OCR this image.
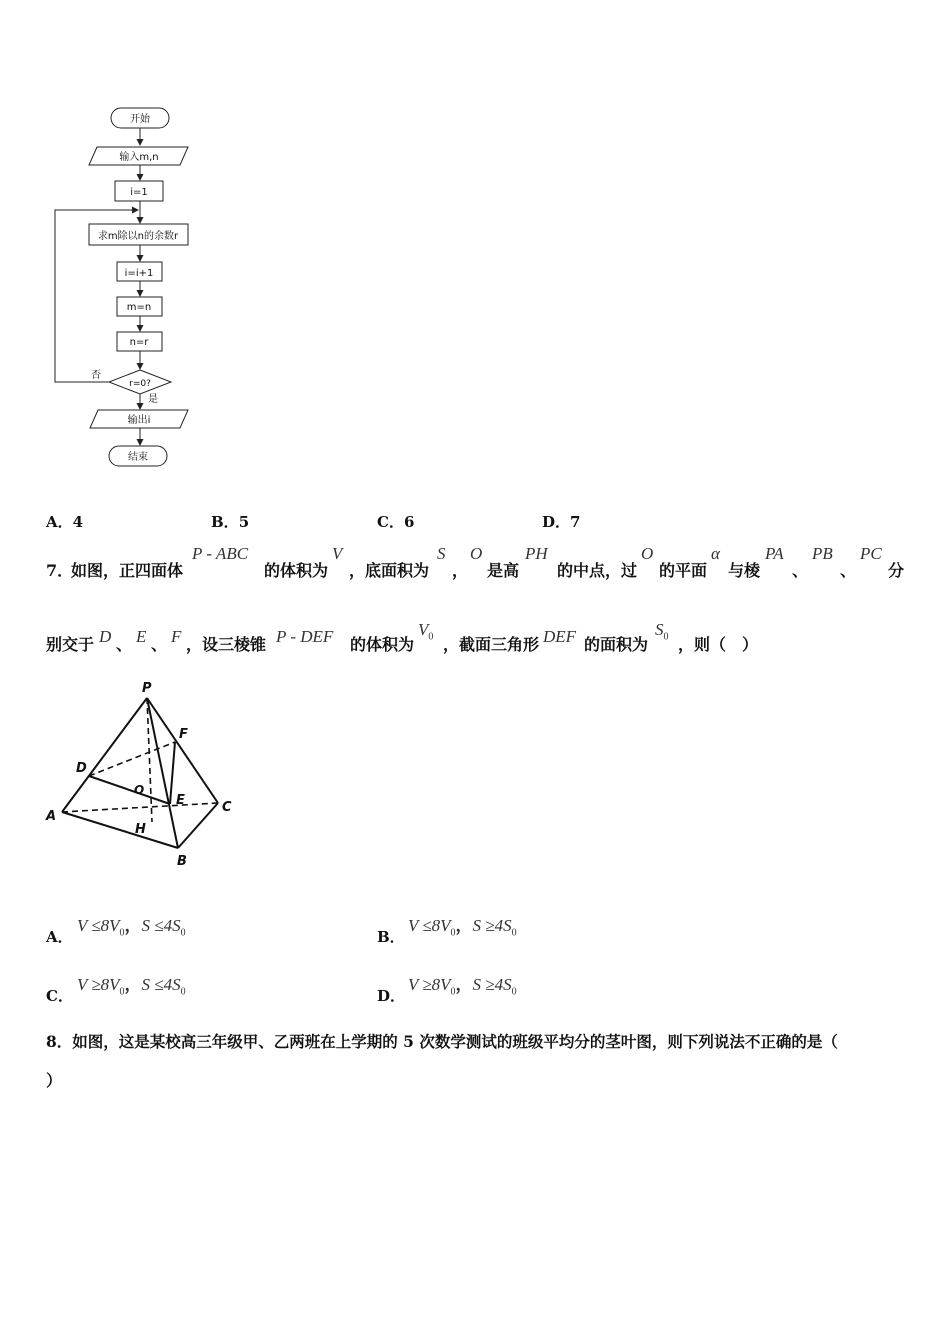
开始
输入m,n
i=1
求m除以n的余数r
i=i+1
m=n
n=r
r=0?
否
是
输出i
结束
A．4	B．5	C．6	D．7
7．
如图，正四面体
P - ABC
的体积为
V
，底面积为
S
，
O
是高
PH
的中点，过
O
的平面
α
与棱
PA
、
PB
、
PC
分
别交于 D 、 E 、 F ，设三棱锥 P - DEF 的体积为
$V_0$ ，截面三角形 DEF 的面积为
$S_0$ ，则（　）
P
D
O
F
E
A
C
H
B
A．
$V \le 8V_0$，$S \le 4S_0$	B．
$V \le 8V_0$，$S \ge 4S_0$
C．
$V \ge 8V_0$，$S \le 4S_0$	D．
$V \ge 8V_0$，$S \ge 4S_0$
8．如图，这是某校高三年级甲、乙两班在上学期的 5 次数学测试的班级平均分的茎叶图，则下列说法不正确的是（
）
